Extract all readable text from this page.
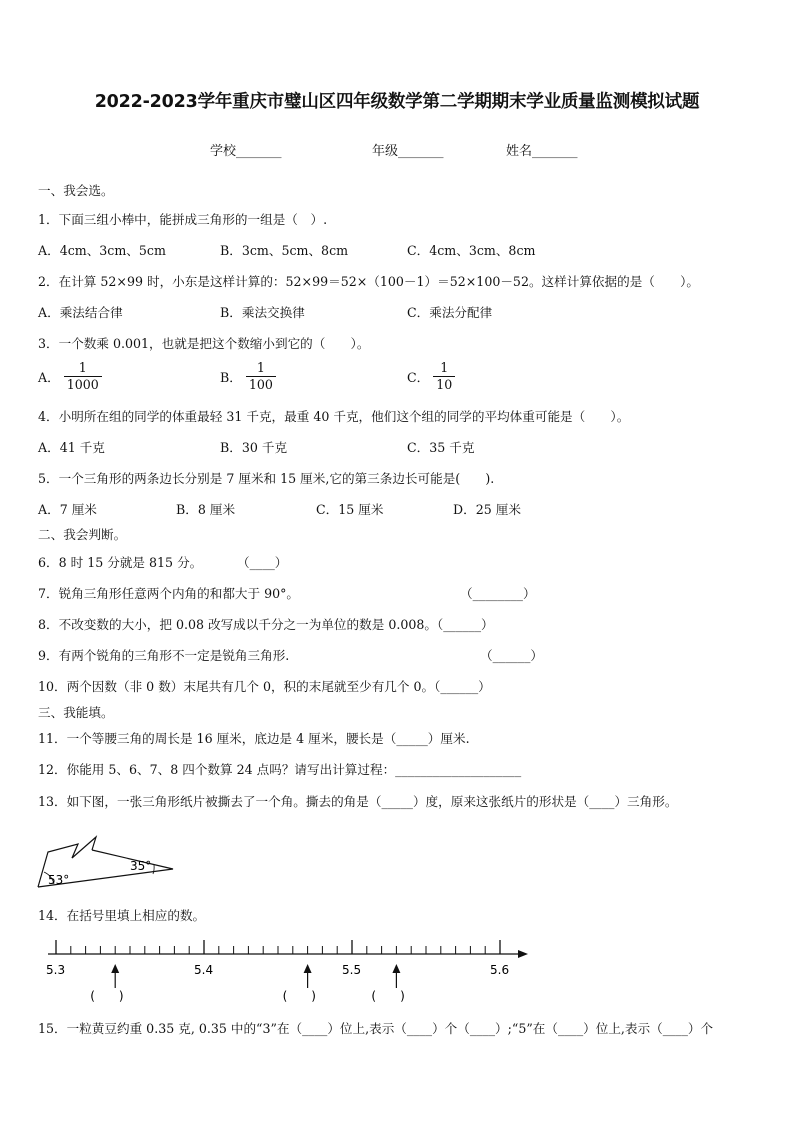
2022-2023学年重庆市璧山区四年级数学第二学期期末学业质量监测模拟试题
学校_______	年级_______	姓名_______
一、我会选。
1．下面三组小棒中，能拼成三角形的一组是（　）.
A．4cm、3cm、5cm	B．3cm、5cm、8cm	C．4cm、3cm、8cm
2．在计算 52×99 时，小东是这样计算的：52×99＝52×（100－1）＝52×100－52。这样计算依据的是（　　）。
A．乘法结合律	B．乘法交换律	C．乘法分配律
3．一个数乘 0.001，也就是把这个数缩小到它的（　　）。
A． $\frac{1}{1000}$	B． $\frac{1}{100}$	C． $\frac{1}{10}$
4．小明所在组的同学的体重最轻 31 千克，最重 40 千克，他们这个组的同学的平均体重可能是（　　）。
A．41 千克	B．30 千克	C．35 千克
5．一个三角形的两条边长分别是 7 厘米和 15 厘米,它的第三条边长可能是(　　).
A．7 厘米	B．8 厘米	C．15 厘米	D．25 厘米
二、我会判断。
6．8 时 15 分就是 815 分。	（____）
7．锐角三角形任意两个内角的和都大于 90°。	（________）
8．不改变数的大小，把 0.08 改写成以千分之一为单位的数是 0.008。（______）
9．有两个锐角的三角形不一定是锐角三角形.	（______）
10．两个因数（非 0 数）末尾共有几个 0，积的末尾就至少有几个 0。（______）
三、我能填。
11．一个等腰三角的周长是 16 厘米，底边是 4 厘米，腰长是（_____）厘米.
12．你能用 5、6、7、8 四个数算 24 点吗？请写出计算过程：____________________
13．如下图，一张三角形纸片被撕去了一个角。撕去的角是（_____）度，原来这张纸片的形状是（____）三角形。
53°
35°
14．在括号里填上相应的数。
5.3	5.4	5.5	5.6
(　　)	(　　)	(　　)
15．一粒黄豆约重 0.35 克, 0.35 中的“3”在（____）位上,表示（____）个（____）;“5”在（____）位上,表示（____）个
